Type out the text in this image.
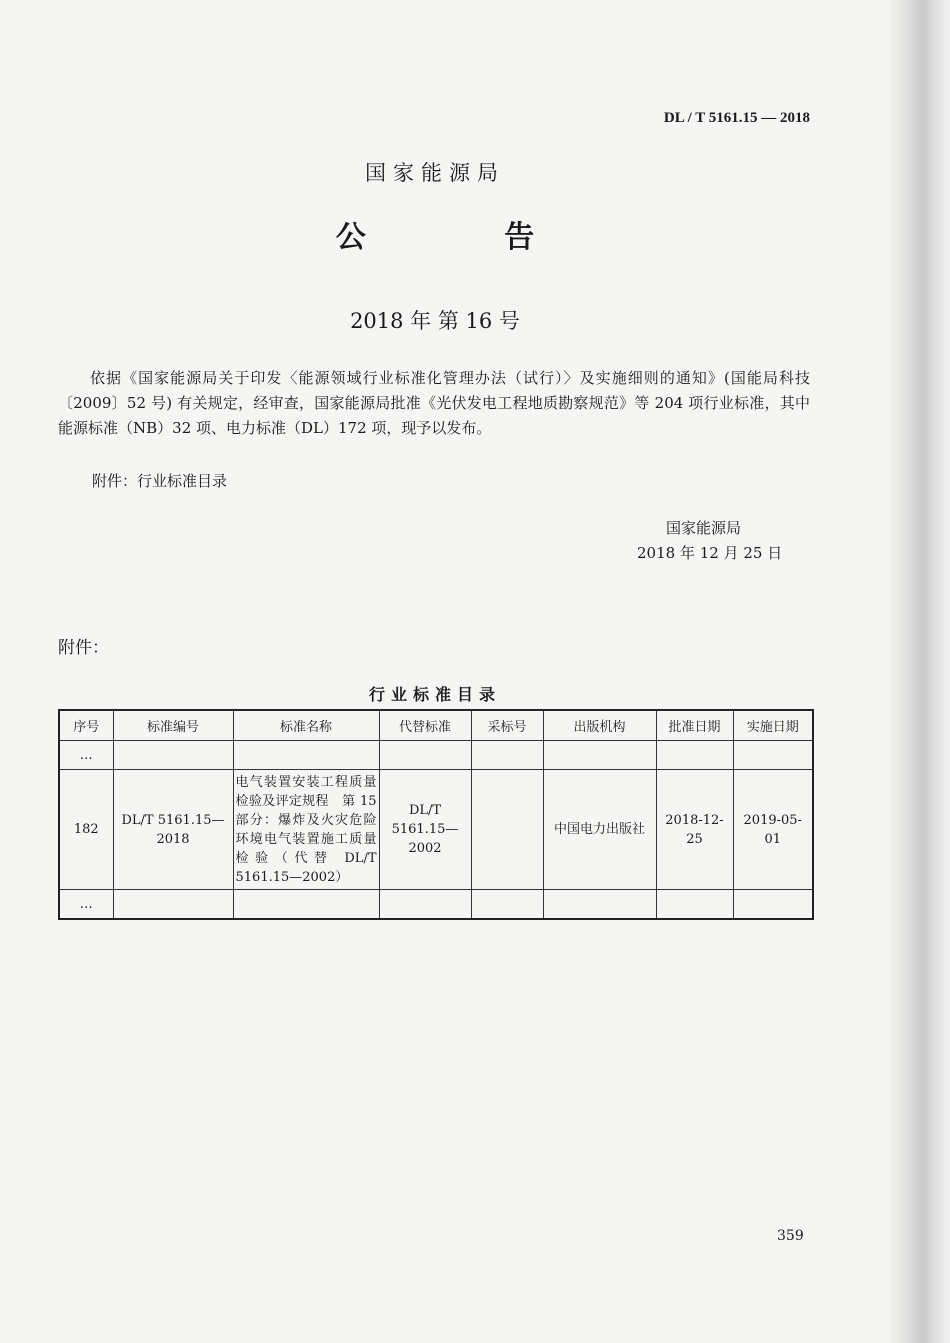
DL / T 5161.15 — 2018
国家能源局
公 告
2018 年 第 16 号
依据《国家能源局关于印发〈能源领域行业标准化管理办法（试行）〉及实施细则的通知》(国能局科技〔2009〕52 号) 有关规定，经审查，国家能源局批准《光伏发电工程地质勘察规范》等 204 项行业标准，其中能源标准（NB）32 项、电力标准（DL）172 项，现予以发布。
附件：行业标准目录
国家能源局
2018 年 12 月 25 日
附件：
行业标准目录
序号	标准编号	标准名称	代替标准	采标号	出版机构	批准日期	实施日期
…							
182	DL/T 5161.15—2018	电气装置安装工程质量检验及评定规程　第 15 部分：爆炸及火灾危险环境电气装置施工质量检验（代替 DL/T 5161.15—2002）	DL/T 5161.15—2002		中国电力出版社	2018-12-25	2019-05-01
…							
359
